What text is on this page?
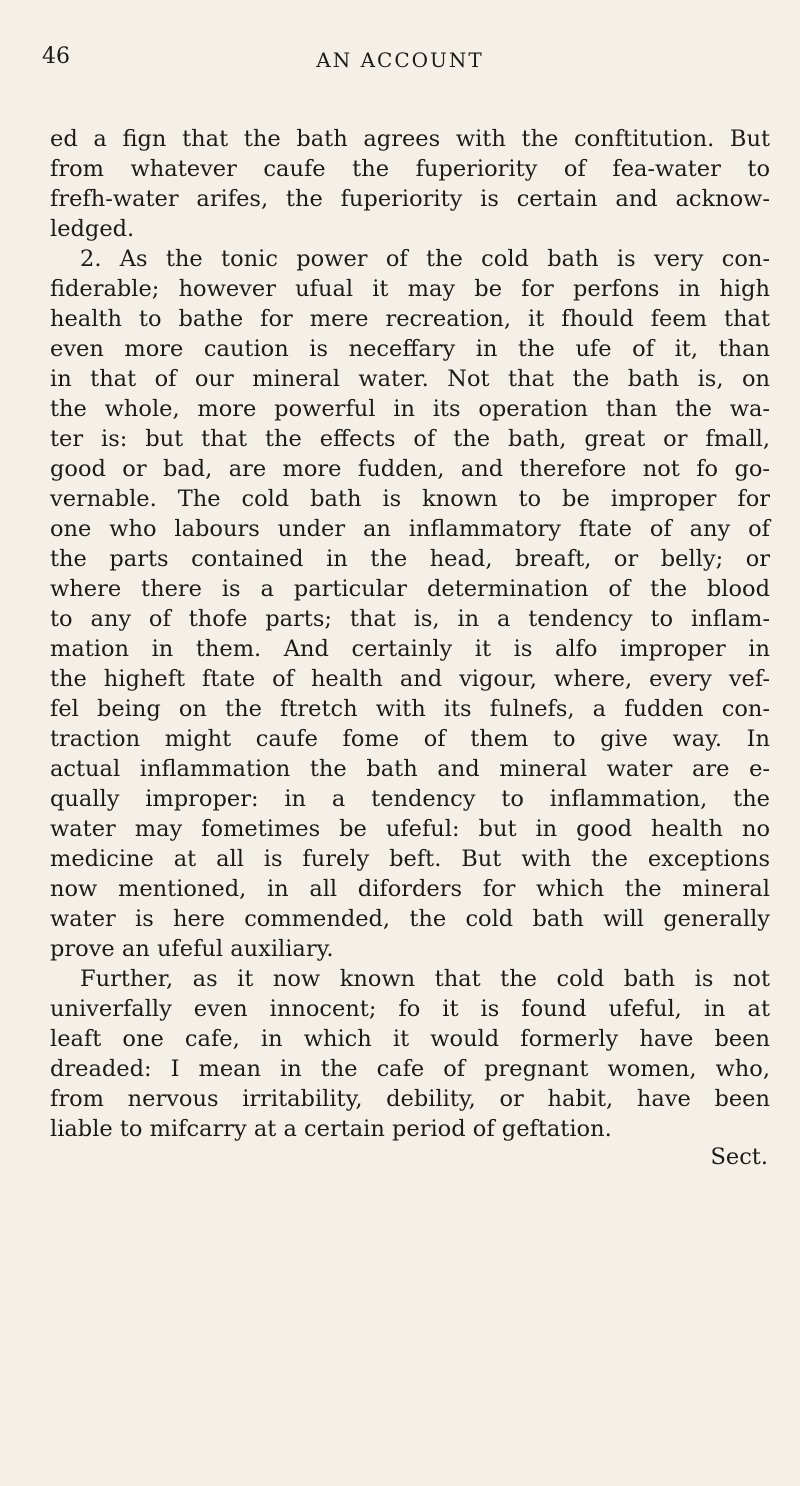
46	AN ACCOUNT
ed a fign that the bath agrees with the conftitution. But
from whatever caufe the fuperiority of fea-water to
frefh-water arifes, the fuperiority is certain and acknow-
ledged.
2. As the tonic power of the cold bath is very con-
fiderable; however ufual it may be for perfons in high
health to bathe for mere recreation, it fhould feem that
even more caution is neceffary in the ufe of it, than
in that of our mineral water. Not that the bath is, on
the whole, more powerful in its operation than the wa-
ter is: but that the effects of the bath, great or fmall,
good or bad, are more fudden, and therefore not fo go-
vernable. The cold bath is known to be improper for
one who labours under an inflammatory ftate of any of
the parts contained in the head, breaft, or belly; or
where there is a particular determination of the blood
to any of thofe parts; that is, in a tendency to inflam-
mation in them. And certainly it is alfo improper in
the higheft ftate of health and vigour, where, every vef-
fel being on the ftretch with its fulnefs, a fudden con-
traction might caufe fome of them to give way. In
actual inflammation the bath and mineral water are e-
qually improper: in a tendency to inflammation, the
water may fometimes be ufeful: but in good health no
medicine at all is furely beft. But with the exceptions
now mentioned, in all diforders for which the mineral
water is here commended, the cold bath will generally
prove an ufeful auxiliary.
Further, as it now known that the cold bath is not
univerfally even innocent; fo it is found ufeful, in at
leaft one cafe, in which it would formerly have been
dreaded: I mean in the cafe of pregnant women, who,
from nervous irritability, debility, or habit, have been
liable to mifcarry at a certain period of geftation.
Sect.
